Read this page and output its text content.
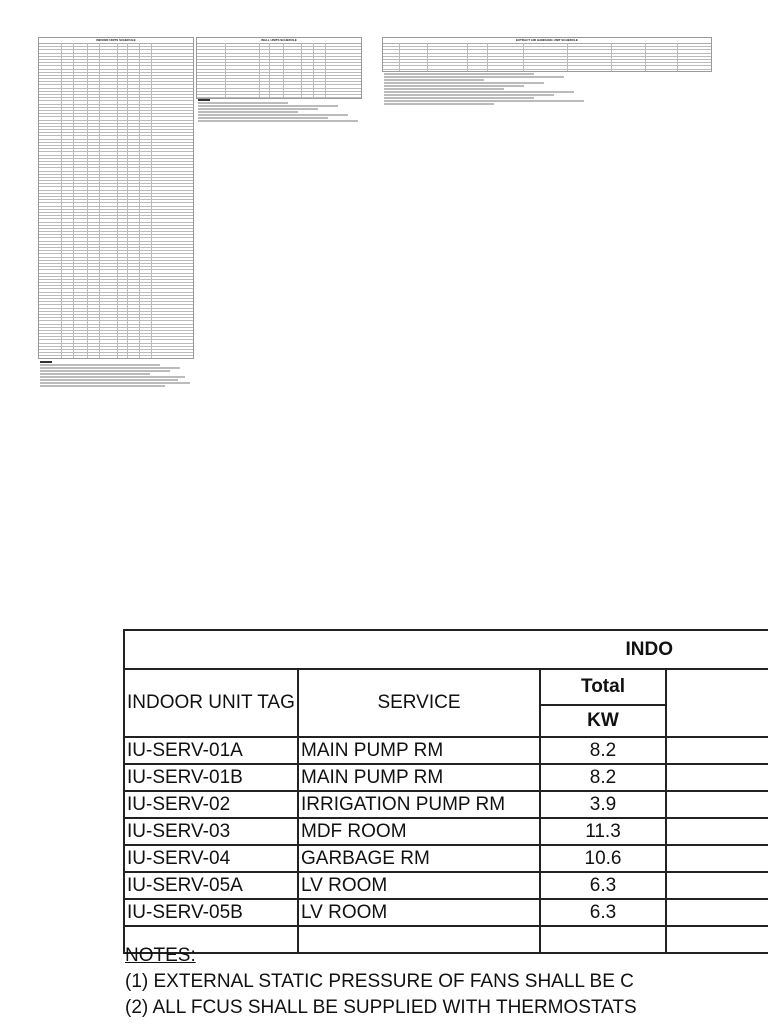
INDOOR UNITS SCHEDULE	WALL UNITS SCHEDULE	EXTRACT AIR HANDLING UNIT SCHEDULE
INDO			
INDOOR UNIT TAG	SERVICE	Total	
		KW	
IU-SERV-01A	MAIN PUMP RM	8.2	
IU-SERV-01B	MAIN PUMP RM	8.2	
IU-SERV-02	IRRIGATION PUMP RM	3.9	
IU-SERV-03	MDF ROOM	11.3	
IU-SERV-04	GARBAGE RM	10.6	
IU-SERV-05A	LV ROOM	6.3	
IU-SERV-05B	LV ROOM	6.3	

NOTES:
(1) EXTERNAL STATIC PRESSURE OF FANS SHALL BE C
(2) ALL FCUS SHALL BE SUPPLIED WITH THERMOSTATS
